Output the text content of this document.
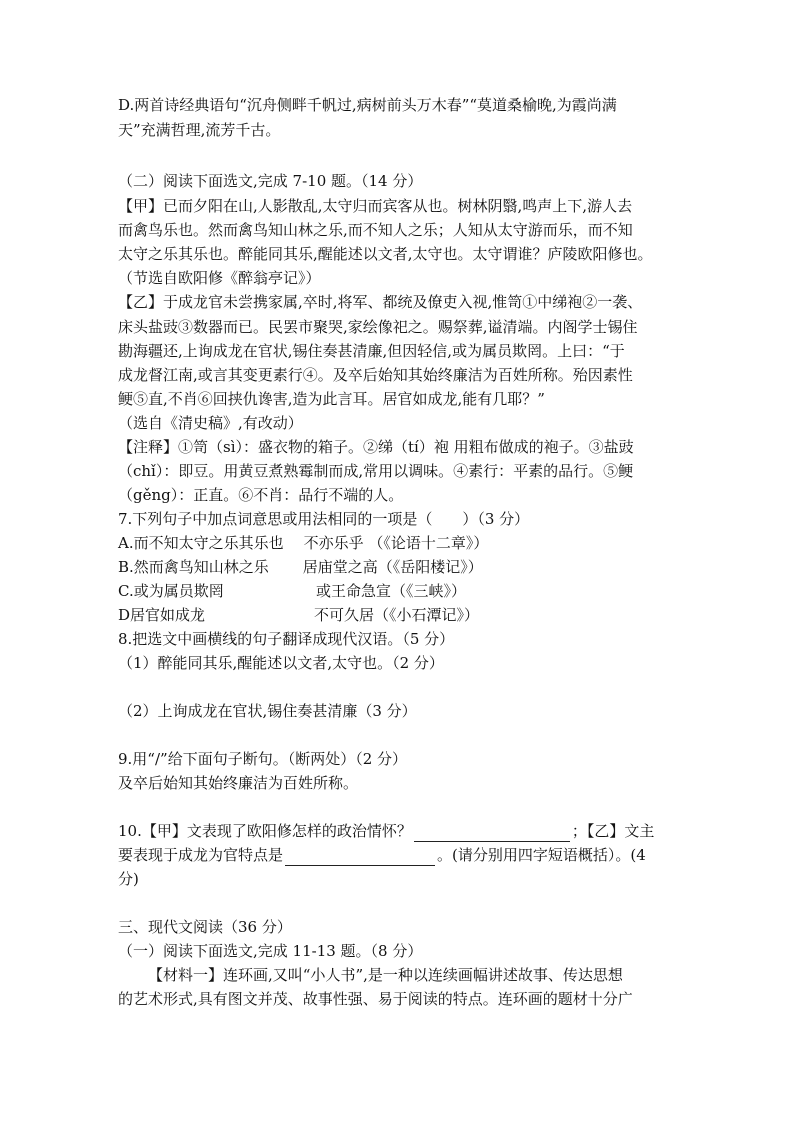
D.两首诗经典语句“沉舟侧畔千帆过,病树前头万木春”“莫道桑榆晚,为霞尚满
天”充满哲理,流芳千古。
（二）阅读下面选文,完成 7-10 题。（14 分）
【甲】已而夕阳在山,人影散乱,太守归而宾客从也。树林阴翳,鸣声上下,游人去
而禽鸟乐也。然而禽鸟知山林之乐,而不知人之乐；人知从太守游而乐，而不知
太守之乐其乐也。醉能同其乐,醒能述以文者,太守也。太守谓谁？庐陵欧阳修也。
（节选自欧阳修《醉翁亭记》）
【乙】于成龙官未尝携家属,卒时,将军、都统及僚吏入视,惟笥①中绨袍②一袭、
床头盐豉③数器而已。民罢市聚哭,家绘像祀之。赐祭葬,谥清端。内阁学士锡住
勘海疆还,上询成龙在官状,锡住奏甚清廉,但因轻信,或为属员欺罔。上曰：“于
成龙督江南,或言其变更素行④。及卒后始知其始终廉洁为百姓所称。殆因素性
鲠⑤直,不肖⑥回挟仇谗害,造为此言耳。居官如成龙,能有几耶？”
（选自《清史稿》,有改动）
【注释】①笥（sì）：盛衣物的箱子。②绨（tí）袍 用粗布做成的袍子。③盐豉
（chǐ）：即豆。用黄豆煮熟霉制而成,常用以调味。④素行：平素的品行。⑤鲠
（gěng）：正直。⑥不肖：品行不端的人。
7.下列句子中加点词意思或用法相同的一项是（　　）（3 分）
A.而不知太守之乐其乐也 不亦乐乎 （《论语十二章》）
B.然而禽鸟知山林之乐 居庙堂之高（《岳阳楼记》）
C.或为属员欺罔	或王命急宣（《三峡》）
D居官如成龙	不可久居（《小石潭记》）
8.把选文中画横线的句子翻译成现代汉语。（5 分）
（1）醉能同其乐,醒能述以文者,太守也。（2 分）
（2）上询成龙在官状,锡住奏甚清廉（3 分）
9.用“/”给下面句子断句。（断两处）（2 分）
及卒后始知其始终廉洁为百姓所称。
10.【甲】文表现了欧阳修怎样的政治情怀？	；【乙】文主
要表现于成龙为官特点是	。(请分别用四字短语概括）。(4
分)
三、现代文阅读（36 分）
（一）阅读下面选文,完成 11-13 题。（8 分）
【材料一】连环画,又叫“小人书”,是一种以连续画幅讲述故事、传达思想
的艺术形式,具有图文并茂、故事性强、易于阅读的特点。连环画的题材十分广
